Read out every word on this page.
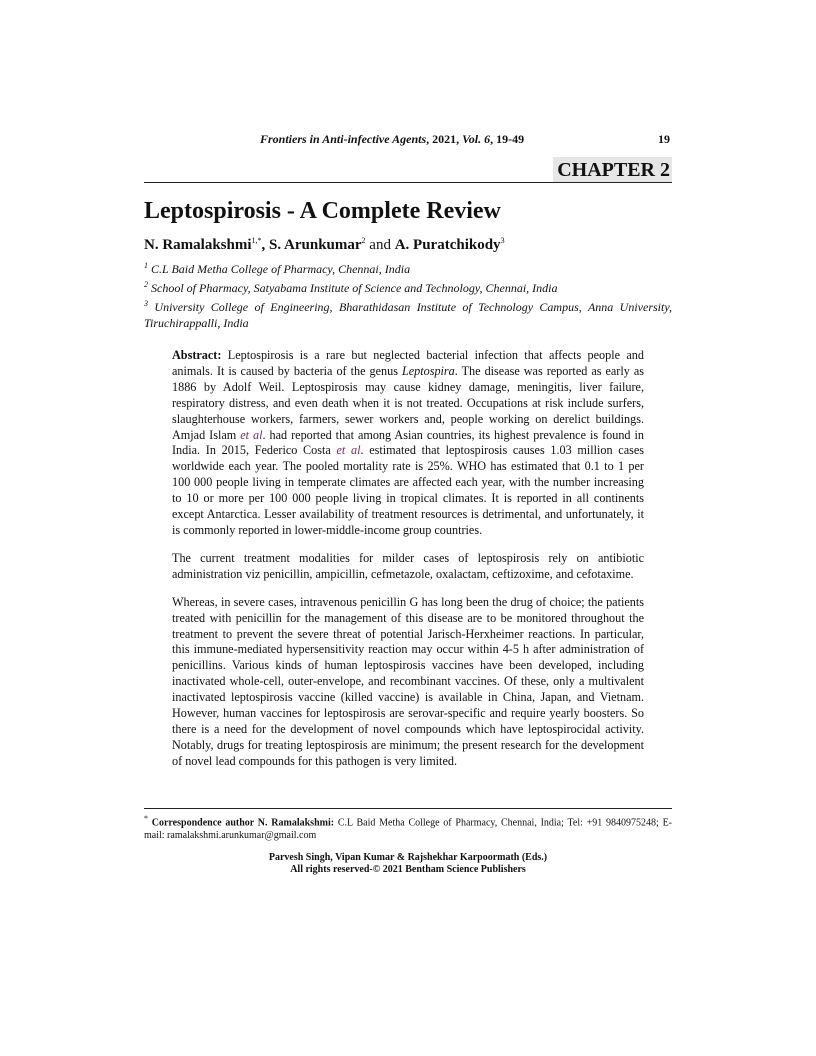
Frontiers in Anti-infective Agents, 2021, Vol. 6, 19-49	19
CHAPTER 2
Leptospirosis - A Complete Review
N. Ramalakshmi$^{1,*}$, S. Arunkumar$^2$ and A. Puratchikody$^3$
$^1$ C.L Baid Metha College of Pharmacy, Chennai, India
$^2$ School of Pharmacy, Satyabama Institute of Science and Technology, Chennai, India
$^3$ University College of Engineering, Bharathidasan Institute of Technology Campus, Anna University, Tiruchirappalli, India

Abstract: Leptospirosis is a rare but neglected bacterial infection that affects people and animals. It is caused by bacteria of the genus Leptospira. The disease was reported as early as 1886 by Adolf Weil. Leptospirosis may cause kidney damage, meningitis, liver failure, respiratory distress, and even death when it is not treated. Occupations at risk include surfers, slaughterhouse workers, farmers, sewer workers and, people working on derelict buildings. Amjad Islam et al. had reported that among Asian countries, its highest prevalence is found in India. In 2015, Federico Costa et al. estimated that leptospirosis causes 1.03 million cases worldwide each year. The pooled mortality rate is 25%. WHO has estimated that 0.1 to 1 per 100 000 people living in temperate climates are affected each year, with the number increasing to 10 or more per 100 000 people living in tropical climates. It is reported in all continents except Antarctica. Lesser availability of treatment resources is detrimental, and unfortunately, it is commonly reported in lower-middle-income group countries.

The current treatment modalities for milder cases of leptospirosis rely on antibiotic administration viz penicillin, ampicillin, cefmetazole, oxalactam, ceftizoxime, and cefotaxime.

Whereas, in severe cases, intravenous penicillin G has long been the drug of choice; the patients treated with penicillin for the management of this disease are to be monitored throughout the treatment to prevent the severe threat of potential Jarisch-Herxheimer reactions. In particular, this immune-mediated hypersensitivity reaction may occur within 4-5 h after administration of penicillins. Various kinds of human leptospirosis vaccines have been developed, including inactivated whole-cell, outer-envelope, and recombinant vaccines. Of these, only a multivalent inactivated leptospirosis vaccine (killed vaccine) is available in China, Japan, and Vietnam. However, human vaccines for leptospirosis are serovar-specific and require yearly boosters. So there is a need for the development of novel compounds which have leptospirocidal activity. Notably, drugs for treating leptospirosis are minimum; the present research for the development of novel lead compounds for this pathogen is very limited.

* Correspondence author N. Ramalakshmi: C.L Baid Metha College of Pharmacy, Chennai, India; Tel: +91 9840975248; E-mail: ramalakshmi.arunkumar@gmail.com
Parvesh Singh, Vipan Kumar & Rajshekhar Karpoormath (Eds.)
All rights reserved-© 2021 Bentham Science Publishers
